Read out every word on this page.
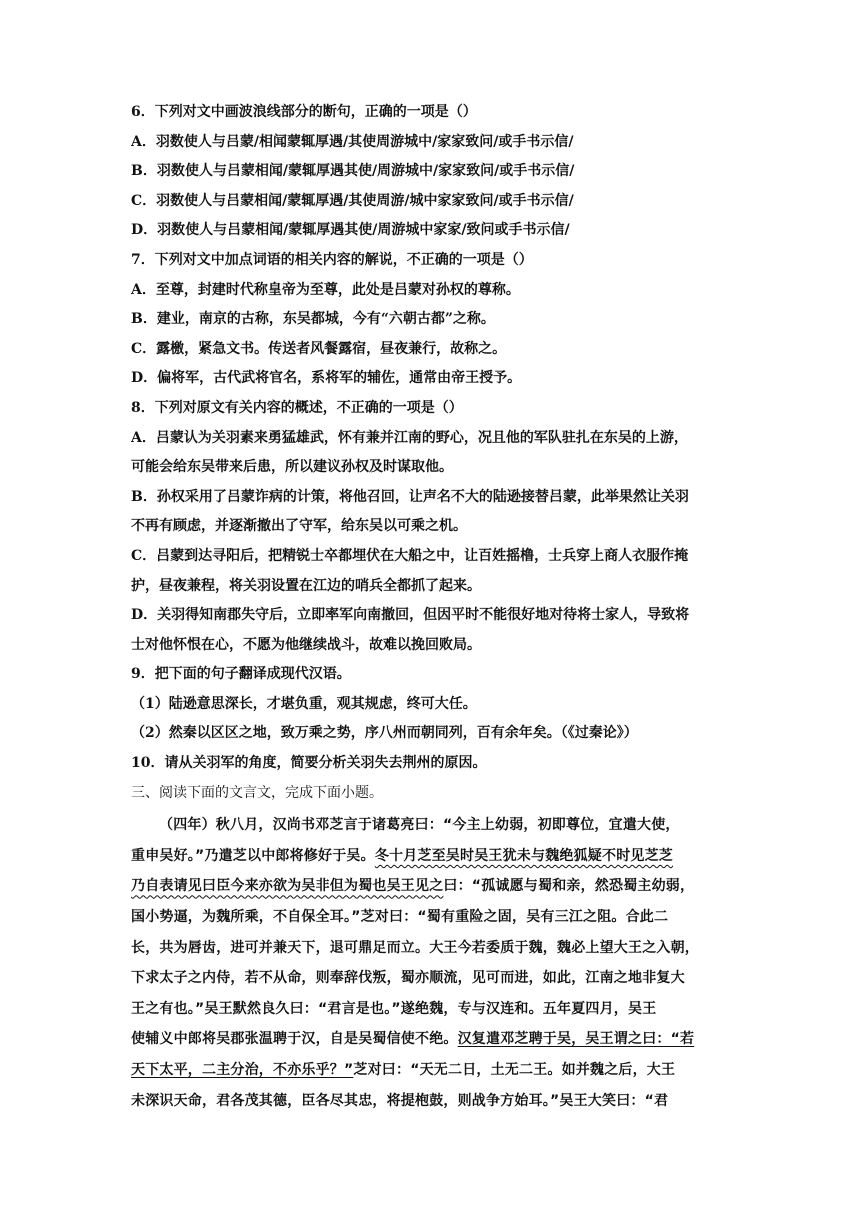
6．下列对文中画波浪线部分的断句，正确的一项是（）
A．羽数使人与吕蒙/相闻蒙辄厚遇/其使周游城中/家家致问/或手书示信/
B．羽数使人与吕蒙相闻/蒙辄厚遇其使/周游城中/家家致问/或手书示信/
C．羽数使人与吕蒙相闻/蒙辄厚遇/其使周游/城中家家致问/或手书示信/
D．羽数使人与吕蒙相闻/蒙辄厚遇其使/周游城中家家/致问或手书示信/
7．下列对文中加点词语的相关内容的解说，不正确的一项是（）
A．至尊，封建时代称皇帝为至尊，此处是吕蒙对孙权的尊称。
B．建业，南京的古称，东吴都城，今有“六朝古都”之称。
C．露檄，紧急文书。传送者风餐露宿，昼夜兼行，故称之。
D．偏将军，古代武将官名，系将军的辅佐，通常由帝王授予。
8．下列对原文有关内容的概述，不正确的一项是（）
A．吕蒙认为关羽素来勇猛雄武，怀有兼并江南的野心，况且他的军队驻扎在东吴的上游，
可能会给东吴带来后患，所以建议孙权及时谋取他。
B．孙权采用了吕蒙诈病的计策，将他召回，让声名不大的陆逊接替吕蒙，此举果然让关羽
不再有顾虑，并逐渐撤出了守军，给东吴以可乘之机。
C．吕蒙到达寻阳后，把精锐士卒都埋伏在大船之中，让百姓摇橹，士兵穿上商人衣服作掩
护，昼夜兼程，将关羽设置在江边的哨兵全都抓了起来。
D．关羽得知南郡失守后，立即率军向南撤回，但因平时不能很好地对待将士家人，导致将
士对他怀恨在心，不愿为他继续战斗，故难以挽回败局。
9．把下面的句子翻译成现代汉语。
（1）陆逊意思深长，才堪负重，观其规虑，终可大任。
（2）然秦以区区之地，致万乘之势，序八州而朝同列，百有余年矣。（《过秦论》）
10．请从关羽军的角度，简要分析关羽失去荆州的原因。
三、阅读下面的文言文，完成下面小题。
（四年）秋八月，汉尚书邓芝言于诸葛亮曰：“今主上幼弱，初即尊位，宜遣大使，
重申吴好。”乃遣芝以中郎将修好于吴。冬十月芝至吴时吴王犹未与魏绝狐疑不时见芝芝
乃自表请见曰臣今来亦欲为吴非但为蜀也吴王见之曰：“孤诚愿与蜀和亲，然恐蜀主幼弱，
国小势逼，为魏所乘，不自保全耳。”芝对曰：“蜀有重险之固，吴有三江之阻。合此二
长，共为唇齿，进可并兼天下，退可鼎足而立。大王今若委质于魏，魏必上望大王之入朝，
下求太子之内侍，若不从命，则奉辞伐叛，蜀亦顺流，见可而进，如此，江南之地非复大
王之有也。”吴王默然良久曰：“君言是也。”遂绝魏，专与汉连和。五年夏四月，吴王
使辅义中郎将吴郡张温聘于汉，自是吴蜀信使不绝。汉复遣邓芝聘于吴，吴王谓之曰：“若
天下太平，二主分治，不亦乐乎？”芝对曰：“天无二日，土无二王。如并魏之后，大王
未深识天命，君各茂其德，臣各尽其忠，将提枹鼓，则战争方始耳。”吴王大笑曰：“君
